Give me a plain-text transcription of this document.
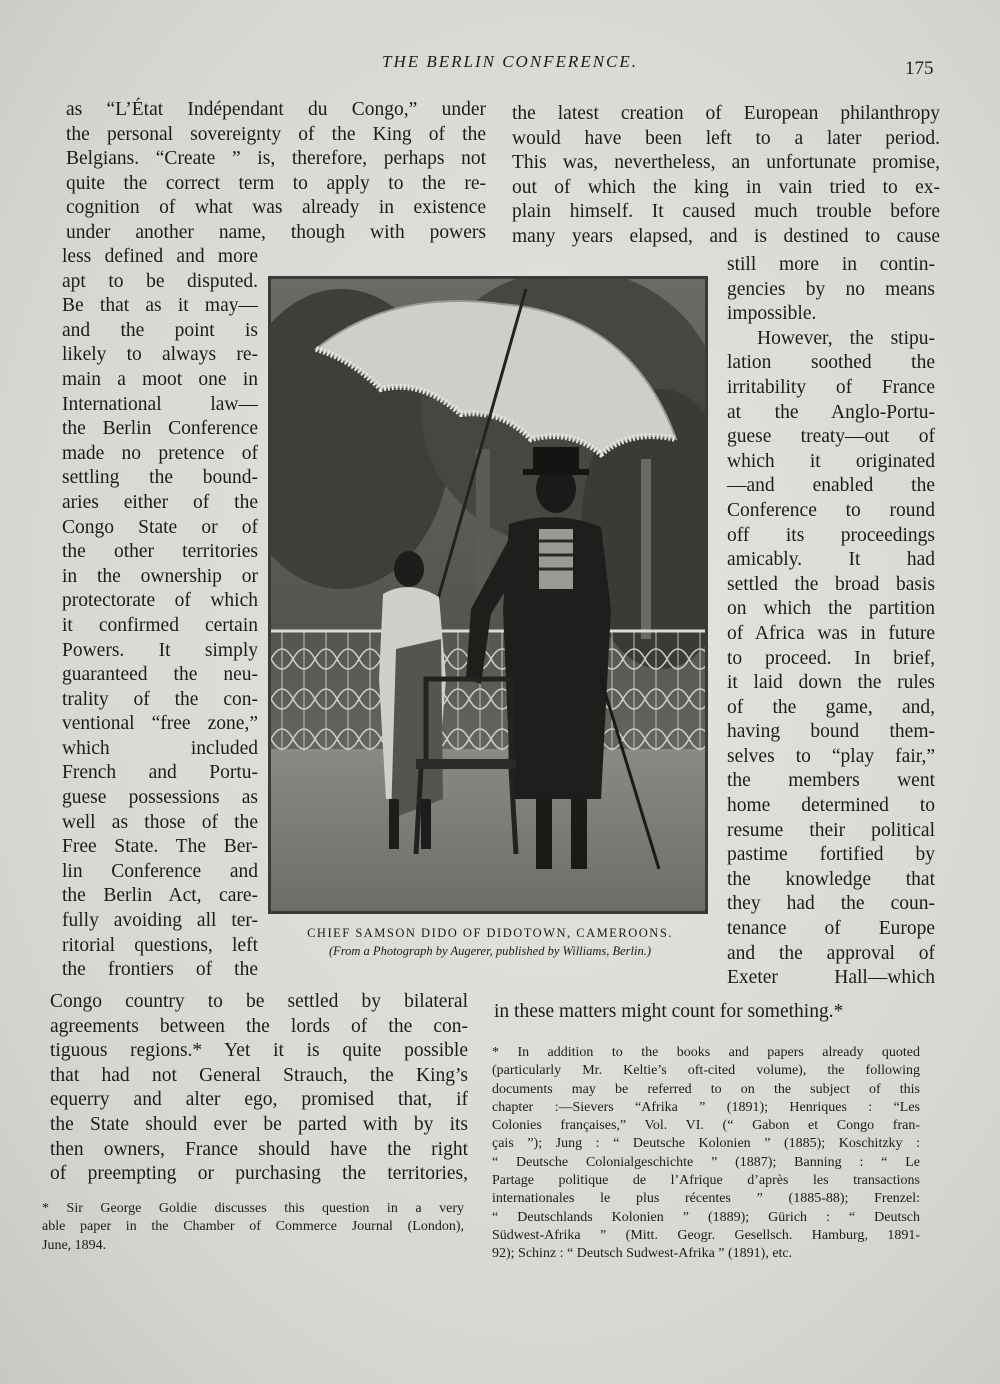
THE BERLIN CONFERENCE.	175
as “L’État Indépendant du Congo,” under
the personal sovereignty of the King of the
Belgians. “Create ” is, therefore, perhaps not
quite the correct term to apply to the re-
cognition of what was already in existence
under another name, though with powers
less defined and more
apt to be disputed.
Be that as it may—
and the point is
likely to always re-
main a moot one in
International law—
the Berlin Conference
made no pretence of
settling the bound-
aries either of the
Congo State or of
the other territories
in the ownership or
protectorate of which
it confirmed certain
Powers. It simply
guaranteed the neu-
trality of the con-
ventional “free zone,”
which included
French and Portu-
guese possessions as
well as those of the
Free State. The Ber-
lin Conference and
the Berlin Act, care-
fully avoiding all ter-
ritorial questions, left
the frontiers of the
Congo country to be settled by bilateral
agreements between the lords of the con-
tiguous regions.* Yet it is quite possible
that had not General Strauch, the King’s
equerry and alter ego, promised that, if
the State should ever be parted with by its
then owners, France should have the right
of preempting or purchasing the territories,
the latest creation of European philanthropy
would have been left to a later period.
This was, nevertheless, an unfortunate promise,
out of which the king in vain tried to ex-
plain himself. It caused much trouble before
many years elapsed, and is destined to cause
still more in contin-
gencies by no means
impossible.
However, the stipu-
lation soothed the
irritability of France
at the Anglo-Portu-
guese treaty—out of
which it originated
—and enabled the
Conference to round
off its proceedings
amicably. It had
settled the broad basis
on which the partition
of Africa was in future
to proceed. In brief,
it laid down the rules
of the game, and,
having bound them-
selves to “play fair,”
the members went
home determined to
resume their political
pastime fortified by
the knowledge that
they had the coun-
tenance of Europe
and the approval of
Exeter Hall—which
in these matters might count for something.*
CHIEF SAMSON DIDO OF DIDOTOWN, CAMEROONS.
(From a Photograph by Augerer, published by Williams, Berlin.)
* Sir George Goldie discusses this question in a very
able paper in the Chamber of Commerce Journal (London),
June, 1894.
* In addition to the books and papers already quoted
(particularly Mr. Keltie’s oft-cited volume), the following
documents may be referred to on the subject of this
chapter :—Sievers “Afrika ” (1891); Henriques : “Les
Colonies françaises,” Vol. VI. (“ Gabon et Congo fran-
çais ”); Jung : “ Deutsche Kolonien ” (1885); Koschitzky :
“ Deutsche Colonialgeschichte ” (1887); Banning : “ Le
Partage politique de l’Afrique d’après les transactions
internationales le plus récentes ” (1885-88); Frenzel:
“ Deutschlands Kolonien ” (1889); Gürich : “ Deutsch
Südwest-Afrika ” (Mitt. Geogr. Gesellsch. Hamburg, 1891-
92); Schinz : “ Deutsch Sudwest-Afrika ” (1891), etc.
